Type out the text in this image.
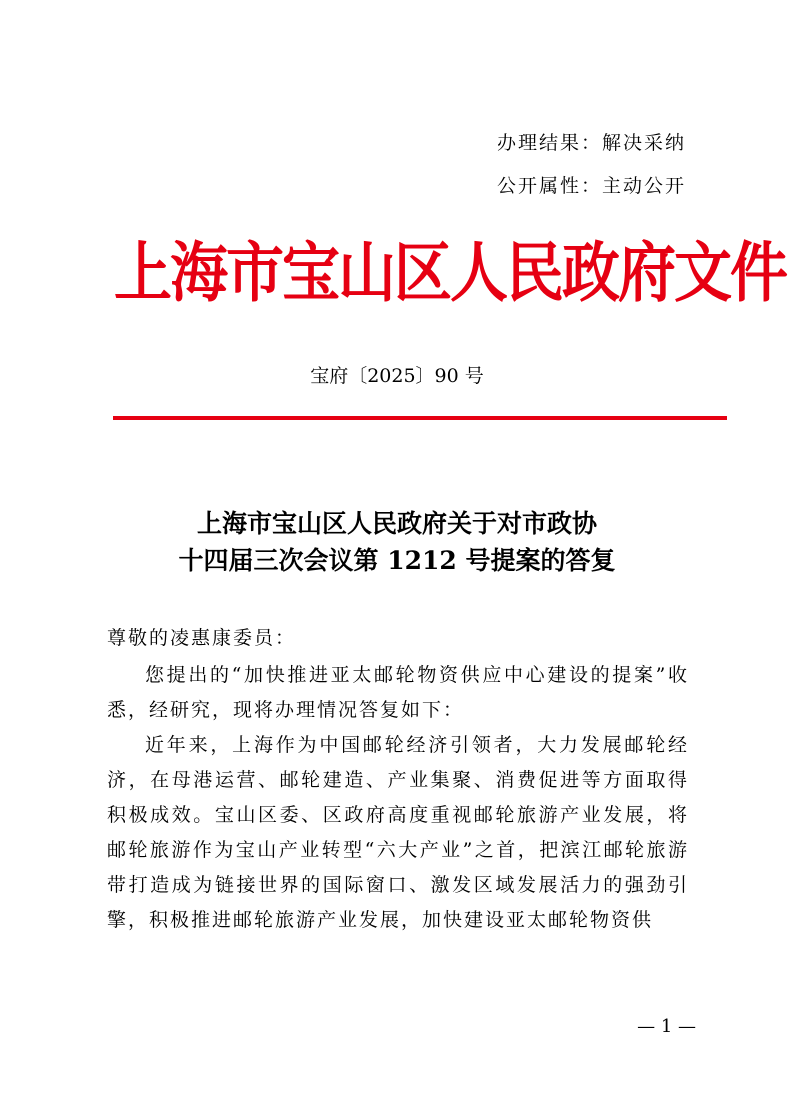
办理结果：解决采纳
公开属性：主动公开
上海市宝山区人民政府文件
宝府〔2025〕90 号
上海市宝山区人民政府关于对市政协
十四届三次会议第 1212 号提案的答复
尊敬的凌惠康委员：

您提出的“加快推进亚太邮轮物资供应中心建设的提案”收悉，经研究，现将办理情况答复如下：

近年来，上海作为中国邮轮经济引领者，大力发展邮轮经济，在母港运营、邮轮建造、产业集聚、消费促进等方面取得积极成效。宝山区委、区政府高度重视邮轮旅游产业发展，将邮轮旅游作为宝山产业转型“六大产业”之首，把滨江邮轮旅游带打造成为链接世界的国际窗口、激发区域发展活力的强劲引擎，积极推进邮轮旅游产业发展，加快建设亚太邮轮物资供

— 1 —
